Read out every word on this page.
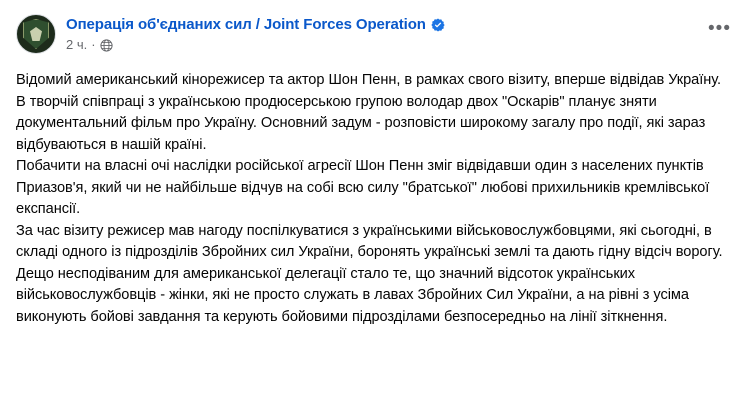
Операція об'єднаних сил / Joint Forces Operation
2 ч. ·
•••

Відомий американський кінорежисер та актор Шон Пенн, в рамках свого візиту, вперше відвідав Україну.

В творчій співпраці з українською продюсерською групою володар двох "Оскарів" планує зняти документальний фільм про Україну. Основний задум - розповісти широкому загалу про події, які зараз відбуваються в нашій країні.

Побачити на власні очі наслідки російської агресії Шон Пенн зміг відвідавши один з населених пунктів Приазов'я, який чи не найбільше відчув на собі всю силу "братської" любові прихильників кремлівської експансії.

За час візиту режисер мав нагоду поспілкуватися з українськими військовослужбовцями, які сьогодні, в складі одного із підрозділів Збройних сил України, боронять українські землі та дають гідну відсіч ворогу.

Дещо несподіваним для американської делегації стало те, що значний відсоток українських військовослужбовців - жінки, які не просто служать в лавах Збройних Сил України, а на рівні з усіма виконують бойові завдання та керують бойовими підрозділами безпосередньо на лінії зіткнення.
